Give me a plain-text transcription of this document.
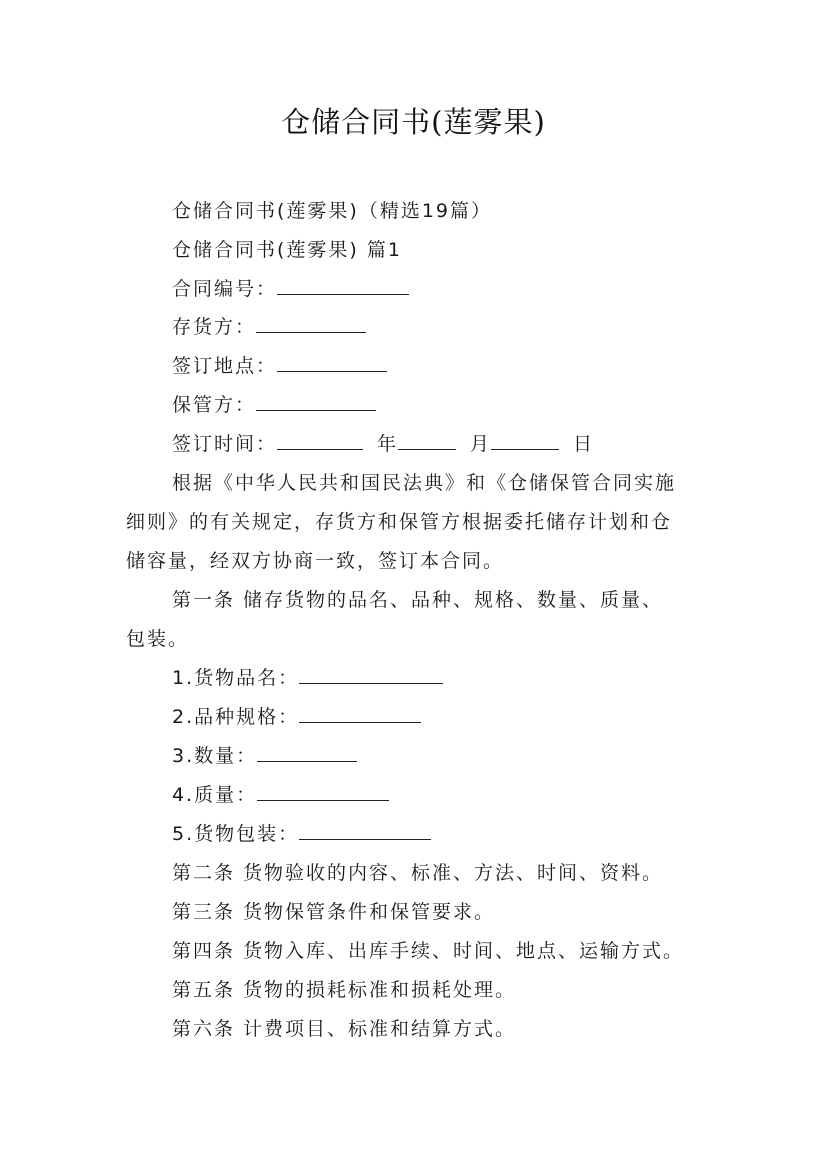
仓储合同书(莲雾果)
仓储合同书(莲雾果)（精选19篇）
仓储合同书(莲雾果) 篇1
合同编号：
存货方：
签订地点：
保管方：
签订时间：	年	月	日
根据《中华人民共和国民法典》和《仓储保管合同实施
细则》的有关规定，存货方和保管方根据委托储存计划和仓
储容量，经双方协商一致，签订本合同。
第一条 储存货物的品名、品种、规格、数量、质量、
包装。
1.货物品名：
2.品种规格：
3.数量：
4.质量：
5.货物包装：
第二条 货物验收的内容、标准、方法、时间、资料。
第三条 货物保管条件和保管要求。
第四条 货物入库、出库手续、时间、地点、运输方式。
第五条 货物的损耗标准和损耗处理。
第六条 计费项目、标准和结算方式。
